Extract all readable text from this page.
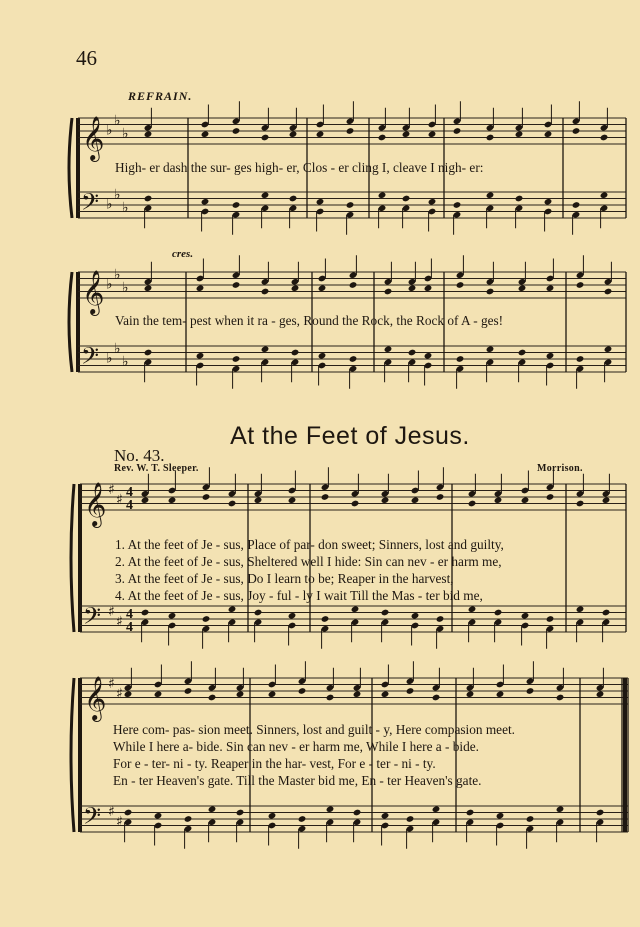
𝄞 ♭
♭
♭
𝄢 ♭
♭
♭
𝄞 ♭
♭
♭
𝄢 ♭
♭
♭
𝄞 ♯
♯ 4
4
𝄢 ♯
♯ 4
4
𝄞 ♯
♯
𝄢 ♯
♯
46
REFRAIN.
cres.
High- er dash the sur- ges high- er, Clos - er cling I, cleave I nigh- er:
Vain the tem- pest when it ra - ges, Round the Rock, the Rock of A - ges!
At the Feet of Jesus.
No. 43.
Rev. W. T. Sleeper.	Morrison.
1. At the feet of Je - sus, Place of par- don sweet; Sinners, lost and guilty,
2. At the feet of Je - sus, Sheltered well I hide: Sin can nev - er harm me,
3. At the feet of Je - sus, Do I learn to be; Reaper in the harvest,
4. At the feet of Je - sus, Joy - ful - ly I wait Till the Mas - ter bid me,
Here com- pas- sion meet. Sinners, lost and guilt - y, Here compasion meet.
While I here a- bide. Sin can nev - er harm me, While I here a - bide.
For e - ter- ni - ty. Reaper in the har- vest, For e - ter - ni - ty.
En - ter Heaven's gate. Till the Master bid me, En - ter Heaven's gate.
